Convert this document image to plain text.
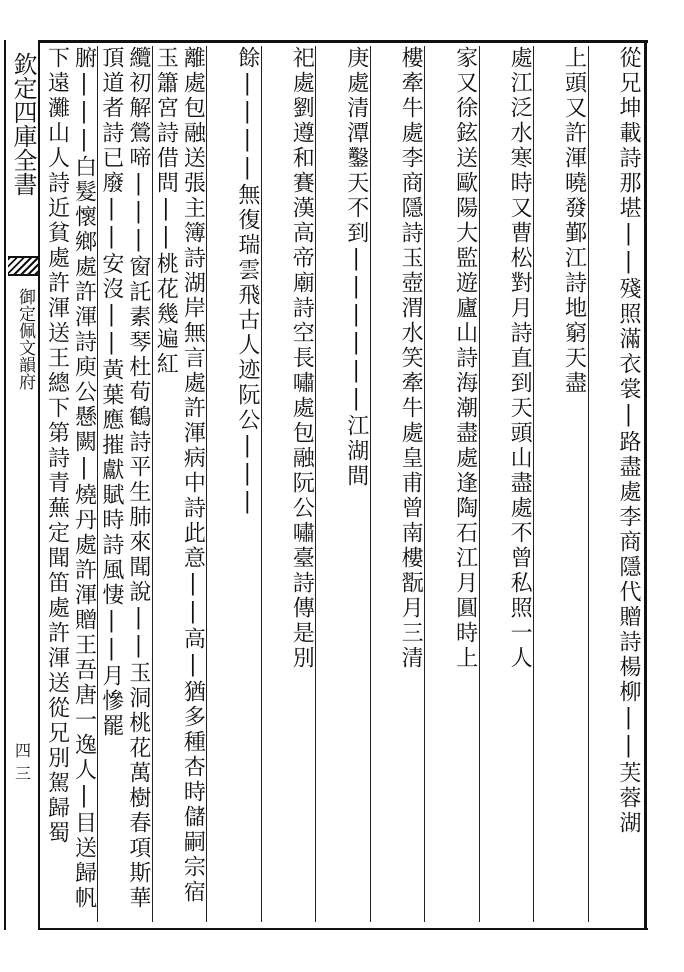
欽定四庫全書
御定佩文韻府
四三	從兄坤載詩那堪||殘照滿衣裳|路盡處李商隱代贈詩楊柳||芙蓉湖
上頭又許渾曉發鄞江詩地窮天盡
處江泛水寒時又曹松對月詩直到天頭山盡處不曾私照一人
家又徐鉉送歐陽大監遊廬山詩海潮盡處逢陶石江月圓時上
樓牽牛處李商隱詩玉壺渭水笑牽牛處皇甫曾南樓翫月三清
庚處清潭鑿天不到||||||江湖間
祀處劉遵和賽漢高帝廟詩空長嘯處包融阮公嘯臺詩傳是別
餘||||無復瑞雲飛古人迹阮公|||
離處包融送張主簿詩湖岸無言處許渾病中詩此意||高|猶多種杏時儲嗣宗宿玉簫宮詩借問||桃花幾遍紅
纜初解鶯啼|||窗託素琴杜荀鶴詩平生肺來聞說||玉洞桃花萬樹春項斯華頂道者詩已廢||安沒||黃葉應摧獻賦時詩風悽||月慘罷
腑|||白髮懷鄉處許渾詩庾公懸闕|燒丹處許渾贈王吾唐一逸人|目送歸帆下遠灘山人詩近貧處許渾送王總下第詩青蕪定聞笛處許渾送從兄別駕歸蜀
